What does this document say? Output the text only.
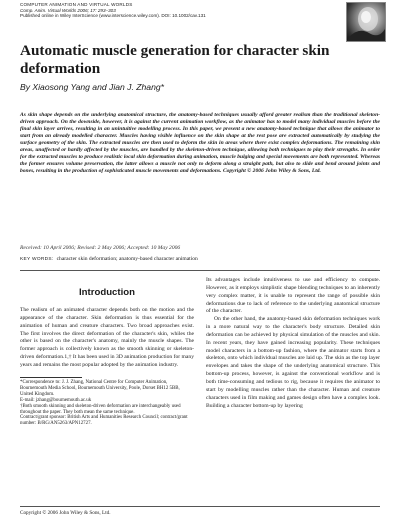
COMPUTER ANIMATION AND VIRTUAL WORLDS
Comp. Anim. Virtual Worlds 2006; 17: 293–303
Published online in Wiley InterScience (www.interscience.wiley.com). DOI: 10.1002/cav.131
Automatic muscle generation for character skin deformation
By Xiaosong Yang and Jian J. Zhang*

As skin shape depends on the underlying anatomical structure, the anatomy-based techniques usually afford greater realism than the traditional skeleton-driven approach. On the downside, however, it is against the current animation workflow, as the animator has to model many individual muscles before the final skin layer arrives, resulting in an unintuitive modelling process. In this paper, we present a new anatomy-based technique that allows the animator to start from an already modelled character. Muscles having visible influence on the skin shape at the rest pose are extracted automatically by studying the surface geometry of the skin. The extracted muscles are then used to deform the skin in areas where there exist complex deformations. The remaining skin areas, unaffected or hardly affected by the muscles, are handled by the skeleton-driven technique, allowing both techniques to play their strengths. In order for the extracted muscles to produce realistic local skin deformation during animation, muscle bulging and special movements are both represented. Whereas the former ensures volume preservation, the latter allows a muscle not only to deform along a straight path, but also to slide and bend around joints and bones, resulting in the production of sophisticated muscle movements and deformations. Copyright © 2006 John Wiley & Sons, Ltd.

Received: 10 April 2006; Revised: 2 May 2006; Accepted: 10 May 2006
KEY WORDS: character skin deformation; anatomy-based character animation
Introduction

The realism of an animated character depends both on the motion and the appearance of the character. Skin deformation is thus essential for the animation of human and creature characters. Two broad approaches exist. The first involves the direct deformation of the character's skin, whiles the other is based on the character's anatomy, mainly the muscle shapes. The former approach is collectively known as the smooth skinning or skeleton-driven deformation.1,† It has been used in 3D animation production for many years and remains the most popular adopted by the animation industry.

*Correspondence to: J. J. Zhang, National Centre for Computer Animation, Bournemouth Media School, Bournemouth University, Poole, Dorset BH12 5BB, United Kingdom.

E-mail: jzhang@bournemouth.ac.uk

†Both smooth skinning and skeleton-driven deformation are interchangeably used throughout the paper. They both mean the same technique.

Contract/grant sponsor: British Arts and Humanities Research Council; contract/grant number: B/RG/AN5263/APN12727.

Its advantages include intuitiveness to use and efficiency to compute. However, as it employs simplistic shape blending techniques to an inherently very complex matter, it is unable to represent the range of possible skin deformations due to lack of reference to the underlying anatomical structure of the character.

On the other hand, the anatomy-based skin deformation techniques work in a more natural way to the character's body structure. Detailed skin deformation can be achieved by physical simulation of the muscles and skin. In recent years, they have gained increasing popularity. These techniques model characters in a bottom-up fashion, where the animator starts from a skeleton, onto which individual muscles are laid up. The skin as the top layer envelopes and takes the shape of the underlying anatomical structure. This bottom-up process, however, is against the conventional workflow and is both time-consuming and tedious to rig, because it requires the animator to start by modelling muscles rather than the character. Human and creature characters used in film making and games design often have a complex look. Building a character bottom-up by layering

Copyright © 2006 John Wiley & Sons, Ltd.
